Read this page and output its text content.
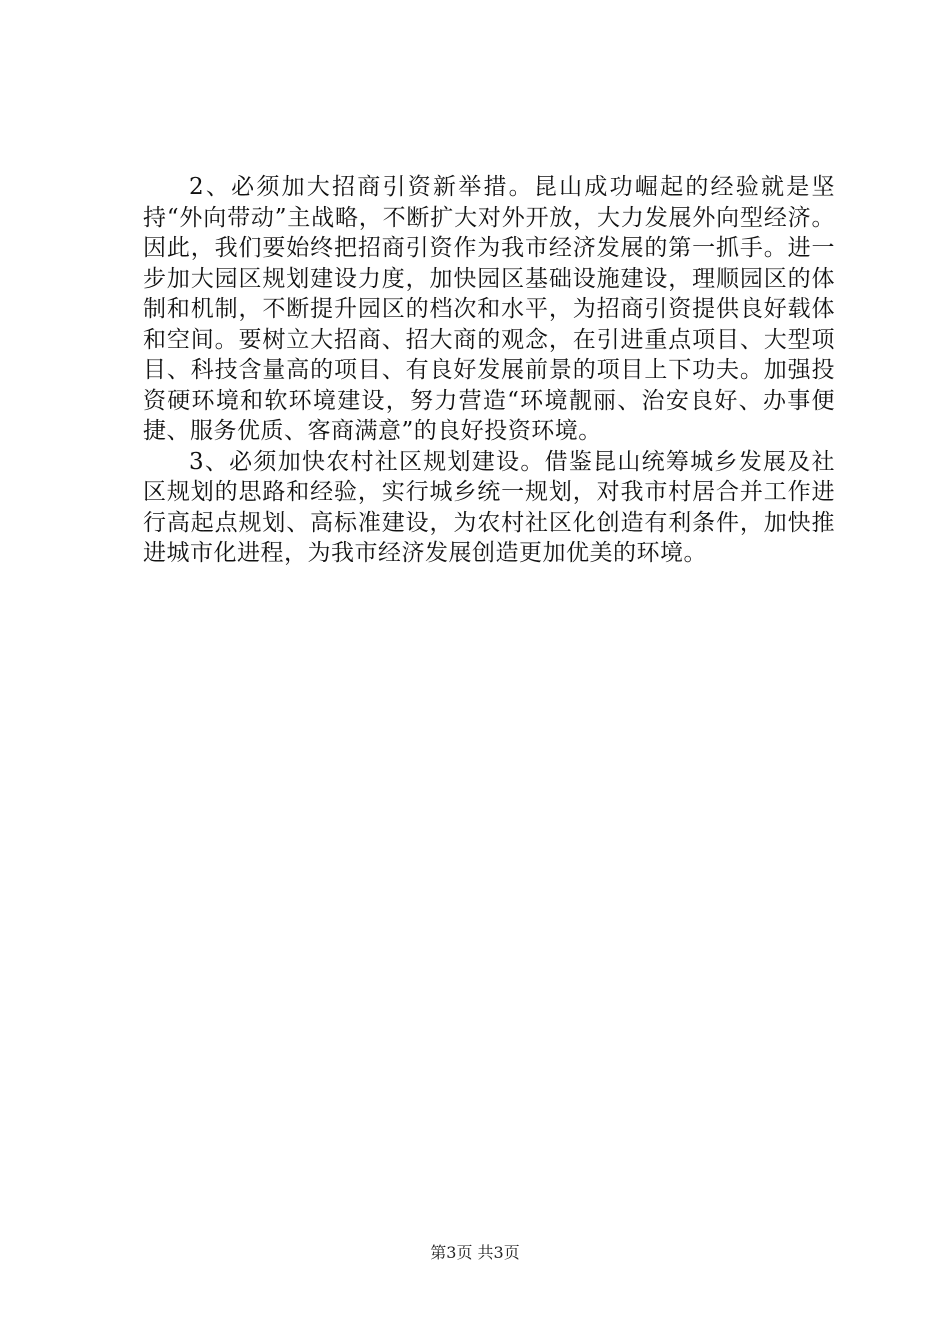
2、必须加大招商引资新举措。昆山成功崛起的经验就是坚持“外向带动”主战略，不断扩大对外开放，大力发展外向型经济。因此，我们要始终把招商引资作为我市经济发展的第一抓手。进一步加大园区规划建设力度，加快园区基础设施建设，理顺园区的体制和机制，不断提升园区的档次和水平，为招商引资提供良好载体和空间。要树立大招商、招大商的观念，在引进重点项目、大型项目、科技含量高的项目、有良好发展前景的项目上下功夫。加强投资硬环境和软环境建设，努力营造“环境靓丽、治安良好、办事便捷、服务优质、客商满意”的良好投资环境。

3、必须加快农村社区规划建设。借鉴昆山统筹城乡发展及社区规划的思路和经验，实行城乡统一规划，对我市村居合并工作进行高起点规划、高标准建设，为农村社区化创造有利条件，加快推进城市化进程，为我市经济发展创造更加优美的环境。

第3页 共3页
